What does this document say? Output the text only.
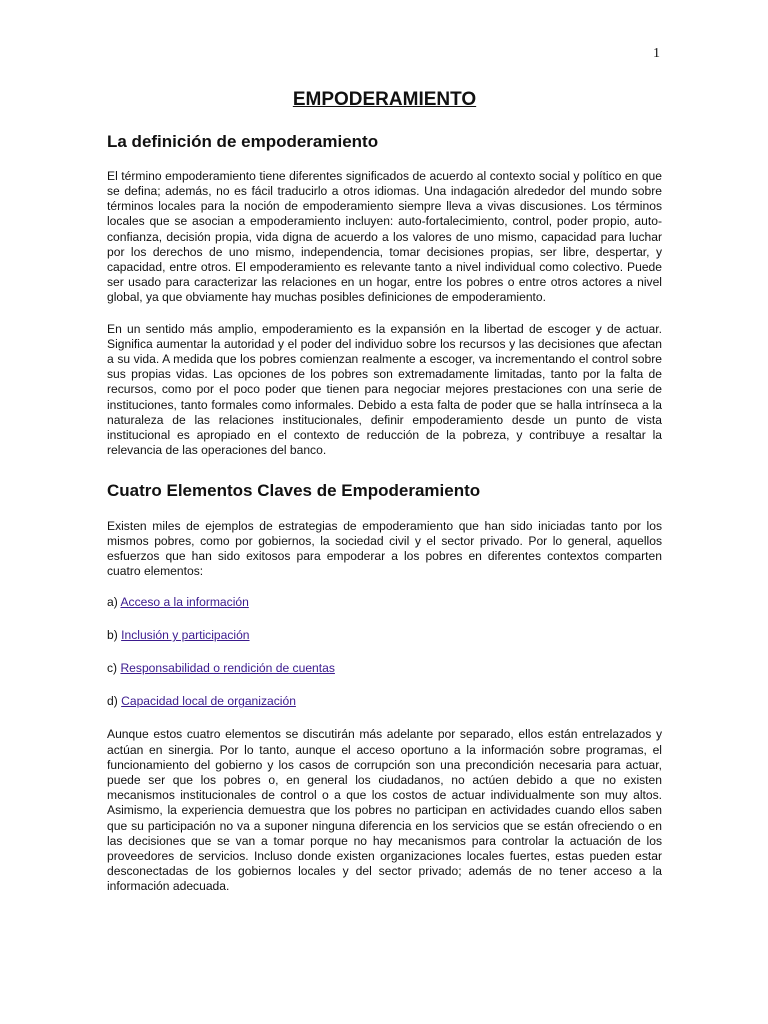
1
EMPODERAMIENTO
La definición de empoderamiento

El término empoderamiento tiene diferentes significados de acuerdo al contexto social y político en que se defina; además, no es fácil traducirlo a otros idiomas. Una indagación alrededor del mundo sobre términos locales para la noción de empoderamiento siempre lleva a vivas discusiones. Los términos locales que se asocian a empoderamiento incluyen: auto-fortalecimiento, control, poder propio, auto-confianza, decisión propia, vida digna de acuerdo a los valores de uno mismo, capacidad para luchar por los derechos de uno mismo, independencia, tomar decisiones propias, ser libre, despertar, y capacidad, entre otros. El empoderamiento es relevante tanto a nivel individual como colectivo. Puede ser usado para caracterizar las relaciones en un hogar, entre los pobres o entre otros actores a nivel global, ya que obviamente hay muchas posibles definiciones de empoderamiento.

En un sentido más amplio, empoderamiento es la expansión en la libertad de escoger y de actuar. Significa aumentar la autoridad y el poder del individuo sobre los recursos y las decisiones que afectan a su vida. A medida que los pobres comienzan realmente a escoger, va incrementando el control sobre sus propias vidas. Las opciones de los pobres son extremadamente limitadas, tanto por la falta de recursos, como por el poco poder que tienen para negociar mejores prestaciones con una serie de instituciones, tanto formales como informales. Debido a esta falta de poder que se halla intrínseca a la naturaleza de las relaciones institucionales, definir empoderamiento desde un punto de vista institucional es apropiado en el contexto de reducción de la pobreza, y contribuye a resaltar la relevancia de las operaciones del banco.

Cuatro Elementos Claves de Empoderamiento

Existen miles de ejemplos de estrategias de empoderamiento que han sido iniciadas tanto por los mismos pobres, como por gobiernos, la sociedad civil y el sector privado. Por lo general, aquellos esfuerzos que han sido exitosos para empoderar a los pobres en diferentes contextos comparten cuatro elementos:

a) Acceso a la información
b) Inclusión y participación
c) Responsabilidad o rendición de cuentas
d) Capacidad local de organización

Aunque estos cuatro elementos se discutirán más adelante por separado, ellos están entrelazados y actúan en sinergia. Por lo tanto, aunque el acceso oportuno a la información sobre programas, el funcionamiento del gobierno y los casos de corrupción son una precondición necesaria para actuar, puede ser que los pobres o, en general los ciudadanos, no actúen debido a que no existen mecanismos institucionales de control o a que los costos de actuar individualmente son muy altos. Asimismo, la experiencia demuestra que los pobres no participan en actividades cuando ellos saben que su participación no va a suponer ninguna diferencia en los servicios que se están ofreciendo o en las decisiones que se van a tomar porque no hay mecanismos para controlar la actuación de los proveedores de servicios. Incluso donde existen organizaciones locales fuertes, estas pueden estar desconectadas de los gobiernos locales y del sector privado; además de no tener acceso a la información adecuada.
